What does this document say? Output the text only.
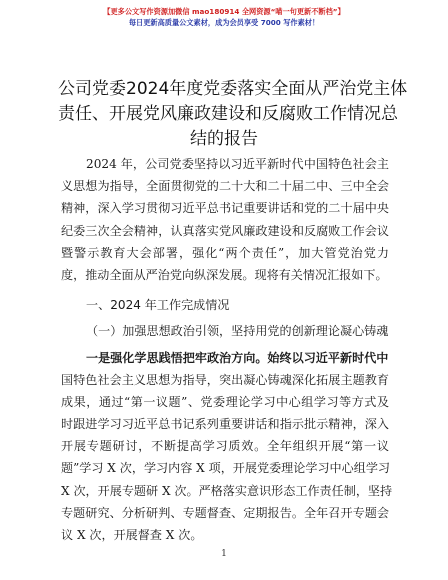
【更多公文写作资源加微信 mao180914 全网资源“喵一句更新不断档”】
每日更新高质量公文素材，成为会员享受 7000 写作素材！
公司党委2024年度党委落实全面从严治党主体
责任、开展党风廉政建设和反腐败工作情况总
结的报告
2024 年，公司党委坚持以习近平新时代中国特色社会主
义思想为指导，全面贯彻党的二十大和二十届二中、三中全会
精神，深入学习贯彻习近平总书记重要讲话和党的二十届中央
纪委三次全会精神，认真落实党风廉政建设和反腐败工作会议
暨警示教育大会部署，强化“两个责任”，加大管党治党力
度，推动全面从严治党向纵深发展。现将有关情况汇报如下。
一、2024 年工作完成情况
（一）加强思想政治引领，坚持用党的创新理论凝心铸魂
一是强化学思践悟把牢政治方向。始终以习近平新时代中
国特色社会主义思想为指导，突出凝心铸魂深化拓展主题教育
成果，通过“第一议题”、党委理论学习中心组学习等方式及
时跟进学习习近平总书记系列重要讲话和指示批示精神，深入
开展专题研讨，不断提高学习质效。全年组织开展“第一议
题”学习 X 次，学习内容 X 项，开展党委理论学习中心组学习
X 次，开展专题研 X 次。严格落实意识形态工作责任制，坚持
专题研究、分析研判、专题督查、定期报告。全年召开专题会
议 X 次，开展督查 X 次。
1
